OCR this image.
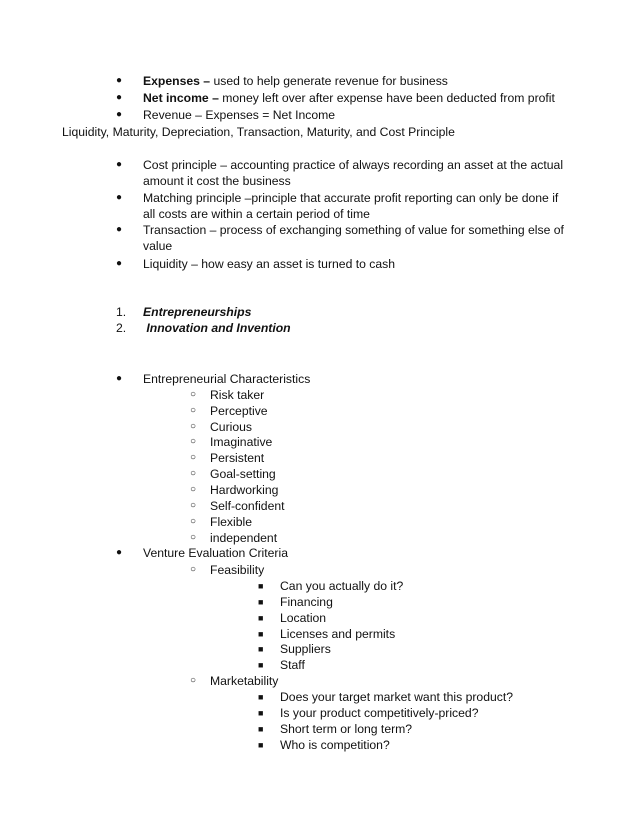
● Expenses – used to help generate revenue for business
● Net income – money left over after expense have been deducted from profit
● Revenue – Expenses = Net Income
Liquidity, Maturity, Depreciation, Transaction, Maturity, and Cost Principle
● Cost principle – accounting practice of always recording an asset at the actual
amount it cost the business
● Matching principle –principle that accurate profit reporting can only be done if
all costs are within a certain period of time
● Transaction – process of exchanging something of value for something else of
value
● Liquidity – how easy an asset is turned to cash
1. Entrepreneurships
2. Innovation and Invention
● Entrepreneurial Characteristics
○ Risk taker
○ Perceptive
○ Curious
○ Imaginative
○ Persistent
○ Goal-setting
○ Hardworking
○ Self-confident
○ Flexible
○ independent
● Venture Evaluation Criteria
○ Feasibility
■ Can you actually do it?
■ Financing
■ Location
■ Licenses and permits
■ Suppliers
■ Staff
○ Marketability
■ Does your target market want this product?
■ Is your product competitively-priced?
■ Short term or long term?
■ Who is competition?
